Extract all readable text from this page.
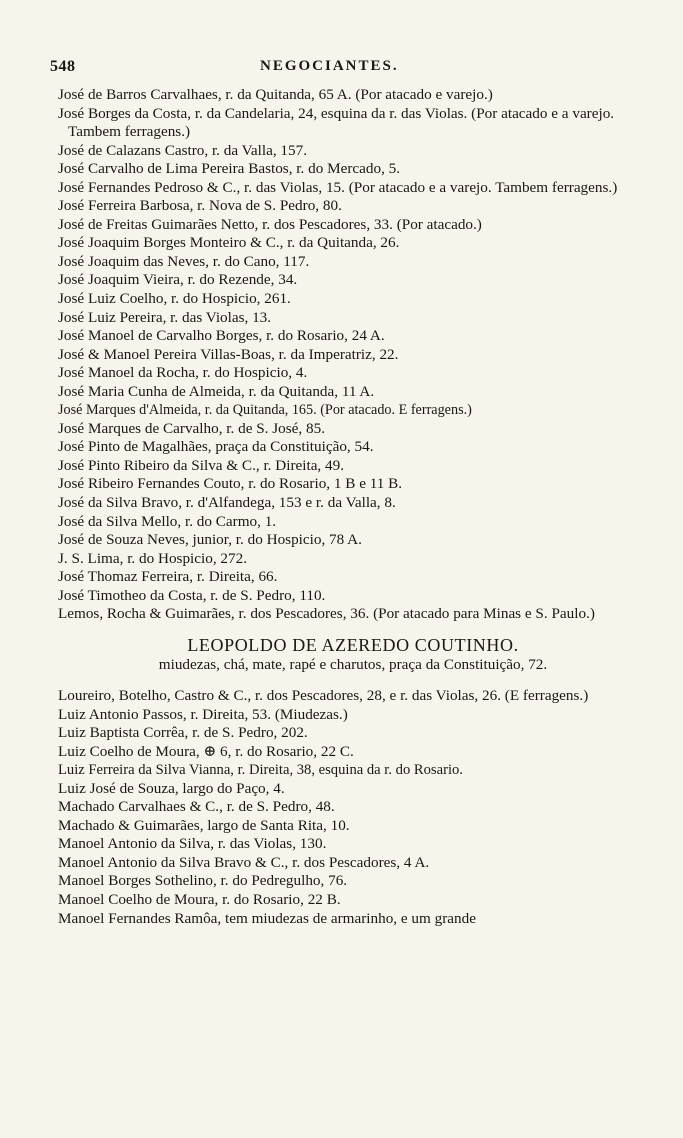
548	NEGOCIANTES.
José de Barros Carvalhaes, r. da Quitanda, 65 A. (Por atacado e varejo.)
José Borges da Costa, r. da Candelaria, 24, esquina da r. das Violas. (Por atacado e a varejo. Tambem ferragens.)
José de Calazans Castro, r. da Valla, 157.
José Carvalho de Lima Pereira Bastos, r. do Mercado, 5.
José Fernandes Pedroso & C., r. das Violas, 15. (Por atacado e a varejo. Tambem ferragens.)
José Ferreira Barbosa, r. Nova de S. Pedro, 80.
José de Freitas Guimarães Netto, r. dos Pescadores, 33. (Por atacado.)
José Joaquim Borges Monteiro & C., r. da Quitanda, 26.
José Joaquim das Neves, r. do Cano, 117.
José Joaquim Vieira, r. do Rezende, 34.
José Luiz Coelho, r. do Hospicio, 261.
José Luiz Pereira, r. das Violas, 13.
José Manoel de Carvalho Borges, r. do Rosario, 24 A.
José & Manoel Pereira Villas-Boas, r. da Imperatriz, 22.
José Manoel da Rocha, r. do Hospicio, 4.
José Maria Cunha de Almeida, r. da Quitanda, 11 A.
José Marques d'Almeida, r. da Quitanda, 165. (Por atacado. E ferragens.)
José Marques de Carvalho, r. de S. José, 85.
José Pinto de Magalhães, praça da Constituição, 54.
José Pinto Ribeiro da Silva & C., r. Direita, 49.
José Ribeiro Fernandes Couto, r. do Rosario, 1 B e 11 B.
José da Silva Bravo, r. d'Alfandega, 153 e r. da Valla, 8.
José da Silva Mello, r. do Carmo, 1.
José de Souza Neves, junior, r. do Hospicio, 78 A.
J. S. Lima, r. do Hospicio, 272.
José Thomaz Ferreira, r. Direita, 66.
José Timotheo da Costa, r. de S. Pedro, 110.
Lemos, Rocha & Guimarães, r. dos Pescadores, 36. (Por atacado para Minas e S. Paulo.)
LEOPOLDO DE AZEREDO COUTINHO.
miudezas, chá, mate, rapé e charutos, praça da Constituição, 72.
Loureiro, Botelho, Castro & C., r. dos Pescadores, 28, e r. das Violas, 26. (E ferragens.)
Luiz Antonio Passos, r. Direita, 53. (Miudezas.)
Luiz Baptista Corrêa, r. de S. Pedro, 202.
Luiz Coelho de Moura, ⊕ 6, r. do Rosario, 22 C.
Luiz Ferreira da Silva Vianna, r. Direita, 38, esquina da r. do Rosario.
Luiz José de Souza, largo do Paço, 4.
Machado Carvalhaes & C., r. de S. Pedro, 48.
Machado & Guimarães, largo de Santa Rita, 10.
Manoel Antonio da Silva, r. das Violas, 130.
Manoel Antonio da Silva Bravo & C., r. dos Pescadores, 4 A.
Manoel Borges Sothelino, r. do Pedregulho, 76.
Manoel Coelho de Moura, r. do Rosario, 22 B.
Manoel Fernandes Ramôa, tem miudezas de armarinho, e um grande
